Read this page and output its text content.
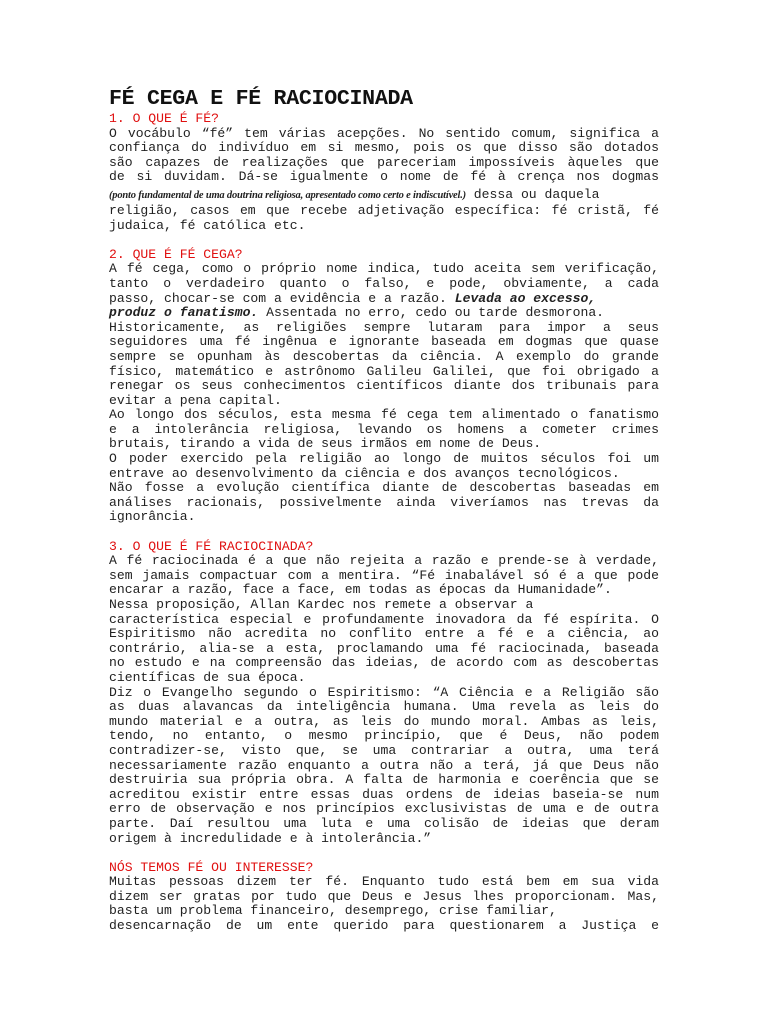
FÉ CEGA E FÉ RACIOCINADA
1. O QUE É FÉ?
O vocábulo “fé” tem várias acepções. No sentido comum, significa a
confiança do indivíduo em si mesmo, pois os que disso são dotados
são capazes de realizações que pareceriam impossíveis àqueles que
de si duvidam. Dá-se igualmente o nome de fé à crença nos dogmas
(ponto fundamental de uma doutrina religiosa, apresentado como certo e indiscutível.) dessa ou daquela
religião, casos em que recebe adjetivação específica: fé cristã, fé
judaica, fé católica etc.
2. QUE É FÉ CEGA?
A fé cega, como o próprio nome indica, tudo aceita sem verificação,
tanto o verdadeiro quanto o falso, e pode, obviamente, a cada
passo, chocar-se com a evidência e a razão. Levada ao excesso,
produz o fanatismo. Assentada no erro, cedo ou tarde desmorona.
Historicamente, as religiões sempre lutaram para impor a seus
seguidores uma fé ingênua e ignorante baseada em dogmas que quase
sempre se opunham às descobertas da ciência. A exemplo do grande
físico, matemático e astrônomo Galileu Galilei, que foi obrigado a
renegar os seus conhecimentos científicos diante dos tribunais para
evitar a pena capital.
Ao longo dos séculos, esta mesma fé cega tem alimentado o fanatismo
e a intolerância religiosa, levando os homens a cometer crimes
brutais, tirando a vida de seus irmãos em nome de Deus.
O poder exercido pela religião ao longo de muitos séculos foi um
entrave ao desenvolvimento da ciência e dos avanços tecnológicos.
Não fosse a evolução científica diante de descobertas baseadas em
análises racionais, possivelmente ainda viveríamos nas trevas da
ignorância.
3. O QUE É FÉ RACIOCINADA?
A fé raciocinada é a que não rejeita a razão e prende-se à verdade,
sem jamais compactuar com a mentira. “Fé inabalável só é a que pode
encarar a razão, face a face, em todas as épocas da Humanidade”.
Nessa proposição, Allan Kardec nos remete a observar a
característica especial e profundamente inovadora da fé espírita. O
Espiritismo não acredita no conflito entre a fé e a ciência, ao
contrário, alia-se a esta, proclamando uma fé raciocinada, baseada
no estudo e na compreensão das ideias, de acordo com as descobertas
científicas de sua época.
Diz o Evangelho segundo o Espiritismo: “A Ciência e a Religião são
as duas alavancas da inteligência humana. Uma revela as leis do
mundo material e a outra, as leis do mundo moral. Ambas as leis,
tendo, no entanto, o mesmo princípio, que é Deus, não podem
contradizer-se, visto que, se uma contrariar a outra, uma terá
necessariamente razão enquanto a outra não a terá, já que Deus não
destruiria sua própria obra. A falta de harmonia e coerência que se
acreditou existir entre essas duas ordens de ideias baseia-se num
erro de observação e nos princípios exclusivistas de uma e de outra
parte. Daí resultou uma luta e uma colisão de ideias que deram
origem à incredulidade e à intolerância.”
NÓS TEMOS FÉ OU INTERESSE?
Muitas pessoas dizem ter fé. Enquanto tudo está bem em sua vida
dizem ser gratas por tudo que Deus e Jesus lhes proporcionam. Mas,
basta um problema financeiro, desemprego, crise familiar,
desencarnação de um ente querido para questionarem a Justiça e
